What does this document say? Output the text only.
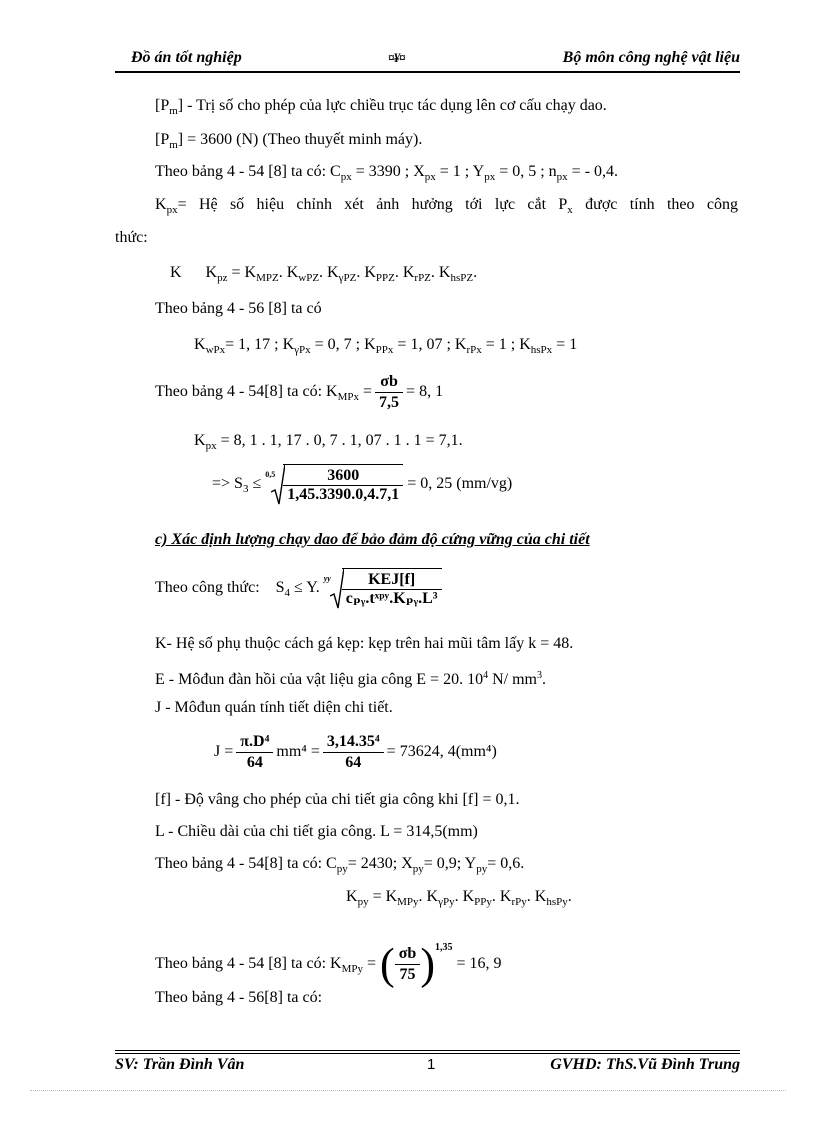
Đồ án tốt nghiệp	¤¥¤	Bộ môn công nghệ vật liệu
$[P_m]$ - Trị số cho phép của lực chiều trục tác dụng lên cơ cấu chạy dao.
$[P_m] = 3600$ (N) (Theo thuyết minh máy).
Theo bảng 4 - 54 [8] ta có: $C_{px} = 3390$ ; $X_{px} = 1$ ; $Y_{px} = 0$, 5 ; $n_{px}$ = - 0,4.
$K_{px}=$ Hệ số hiệu chỉnh xét ảnh hưởng tới lực cắt $P_x$ được tính theo công
thức:
K      $K_{pz} = K_{MPZ}$. $K_{wPZ}$. $K_{\gamma PZ}$. $K_{PPZ}$. $K_{rPZ}$. $K_{hsPZ}$.
Theo bảng 4 - 56 [8] ta có
$K_{wPx}= 1$, 17 ; $K_{\gamma Px} = 0$, 7 ; $K_{PPx} = 1$, 07 ; $K_{rPx} = 1$ ; $K_{hsPx} = 1$
Theo bảng 4 - 54[8] ta có: $K_{MPx} = \frac{\sigma b}{7,5} = 8$, 1
$K_{px} = 8$, 1 . 1, 17 . 0, 7 . 1, 07 . 1 . 1 = 7,1.
=> $S_3$ ≤
$0,5 \frac{3600}{1,45.3390.0,4.7,1} = 0$, 25 (mm/vg)
c) Xác định lượng chạy dao để bảo đảm độ cứng vững của chi tiết
Theo công thức:    $S_4 \le Y$.
yy $\frac{\text{KEJ[f]}}{\text{cₚᵧ.tˣᵖʸ.Kₚᵧ.L³}}$
K- Hệ số phụ thuộc cách gá kẹp: kẹp trên hai mũi tâm lấy k = 48.
E - Môđun đàn hồi của vật liệu gia công E = 20. $10^4$ N/ $mm^3$.
J - Môđun quán tính tiết diện chi tiết.
$J = \frac{\text{π.D⁴}}{64} mm^4 = \frac{\text{3,14.35⁴}}{64} = 73624$, 4(mm⁴)
[f] - Độ vâng cho phép của chi tiết gia công khi [f] = 0,1.
L - Chiều dài của chi tiết gia công. L = 314,5(mm)
Theo bảng 4 - 54[8] ta có: $C_{py}= 2430$; $X_{py}= 0,9$; $Y_{py}= 0,6$.
$K_{py} = K_{MPy}$. $K_{\gamma Py}$. $K_{PPy}$. $K_{rPy}$. $K_{hsPy}$.
Theo bảng 4 - 54 [8] ta có: $K_{MPy}$ = ( $\frac{\sigma b}{75} )^{1,35} = 16$, 9
Theo bảng 4 - 56[8] ta có:
SV: Trần Đình Vân	1	GVHD: ThS.Vũ Đình Trung
